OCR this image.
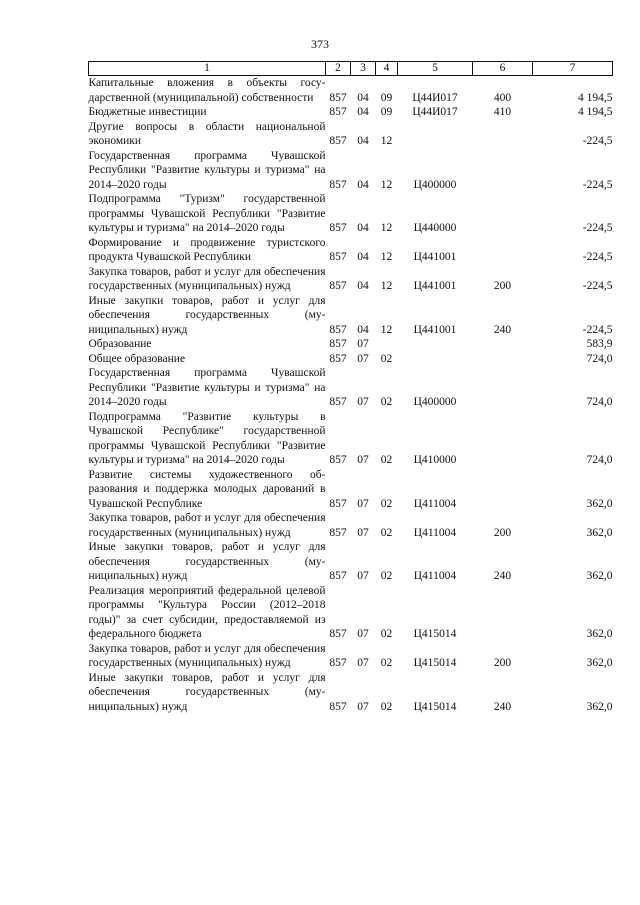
373
1	2	3	4	5	6	7
Капитальные вложения в объекты государственной (муниципальной) собственности	857	04	09	Ц44И017	400	4 194,5
Бюджетные инвестиции	857	04	09	Ц44И017	410	4 194,5
Другие вопросы в области национальной экономики	857	04	12			-224,5
Государственная программа Чувашской Республики "Развитие культуры и туризма" на 2014–2020 годы	857	04	12	Ц400000		-224,5
Подпрограмма "Туризм" государственной программы Чувашской Республики "Развитие культуры и туризма" на 2014–2020 годы	857	04	12	Ц440000		-224,5
Формирование и продвижение туристского продукта Чувашской Республики	857	04	12	Ц441001		-224,5
Закупка товаров, работ и услуг для обеспечения государственных (муниципальных) нужд	857	04	12	Ц441001	200	-224,5
Иные закупки товаров, работ и услуг для обеспечения государственных (муниципальных) нужд	857	04	12	Ц441001	240	-224,5
Образование	857	07				583,9
Общее образование	857	07	02			724,0
Государственная программа Чувашской Республики "Развитие культуры и туризма" на 2014–2020 годы	857	07	02	Ц400000		724,0
Подпрограмма "Развитие культуры в Чувашской Республике" государственной программы Чувашской Республики "Развитие культуры и туризма" на 2014–2020 годы	857	07	02	Ц410000		724,0
Развитие системы художественного образования и поддержка молодых дарований в Чувашской Республике	857	07	02	Ц411004		362,0
Закупка товаров, работ и услуг для обеспечения государственных (муниципальных) нужд	857	07	02	Ц411004	200	362,0
Иные закупки товаров, работ и услуг для обеспечения государственных (муниципальных) нужд	857	07	02	Ц411004	240	362,0
Реализация мероприятий федеральной целевой программы "Культура России (2012–2018 годы)" за счет субсидии, предоставляемой из федерального бюджета	857	07	02	Ц415014		362,0
Закупка товаров, работ и услуг для обеспечения государственных (муниципальных) нужд	857	07	02	Ц415014	200	362,0
Иные закупки товаров, работ и услуг для обеспечения государственных (муниципальных) нужд	857	07	02	Ц415014	240	362,0
